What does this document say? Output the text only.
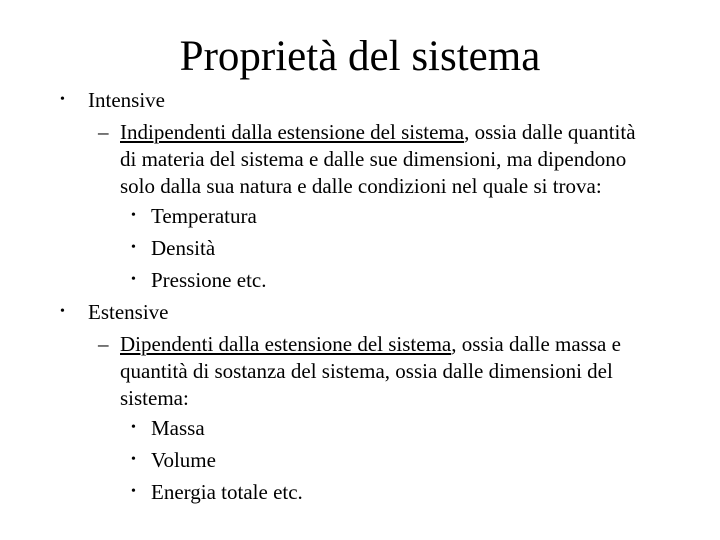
Proprietà del sistema
• Intensive
– Indipendenti dalla estensione del sistema, ossia dalle quantità
di materia del sistema e dalle sue dimensioni, ma dipendono
solo dalla sua natura e dalle condizioni nel quale si trova:
• Temperatura
• Densità
• Pressione etc.
• Estensive
– Dipendenti dalla estensione del sistema, ossia dalle massa e
quantità di sostanza del sistema, ossia dalle dimensioni del
sistema:
• Massa
• Volume
• Energia totale etc.
